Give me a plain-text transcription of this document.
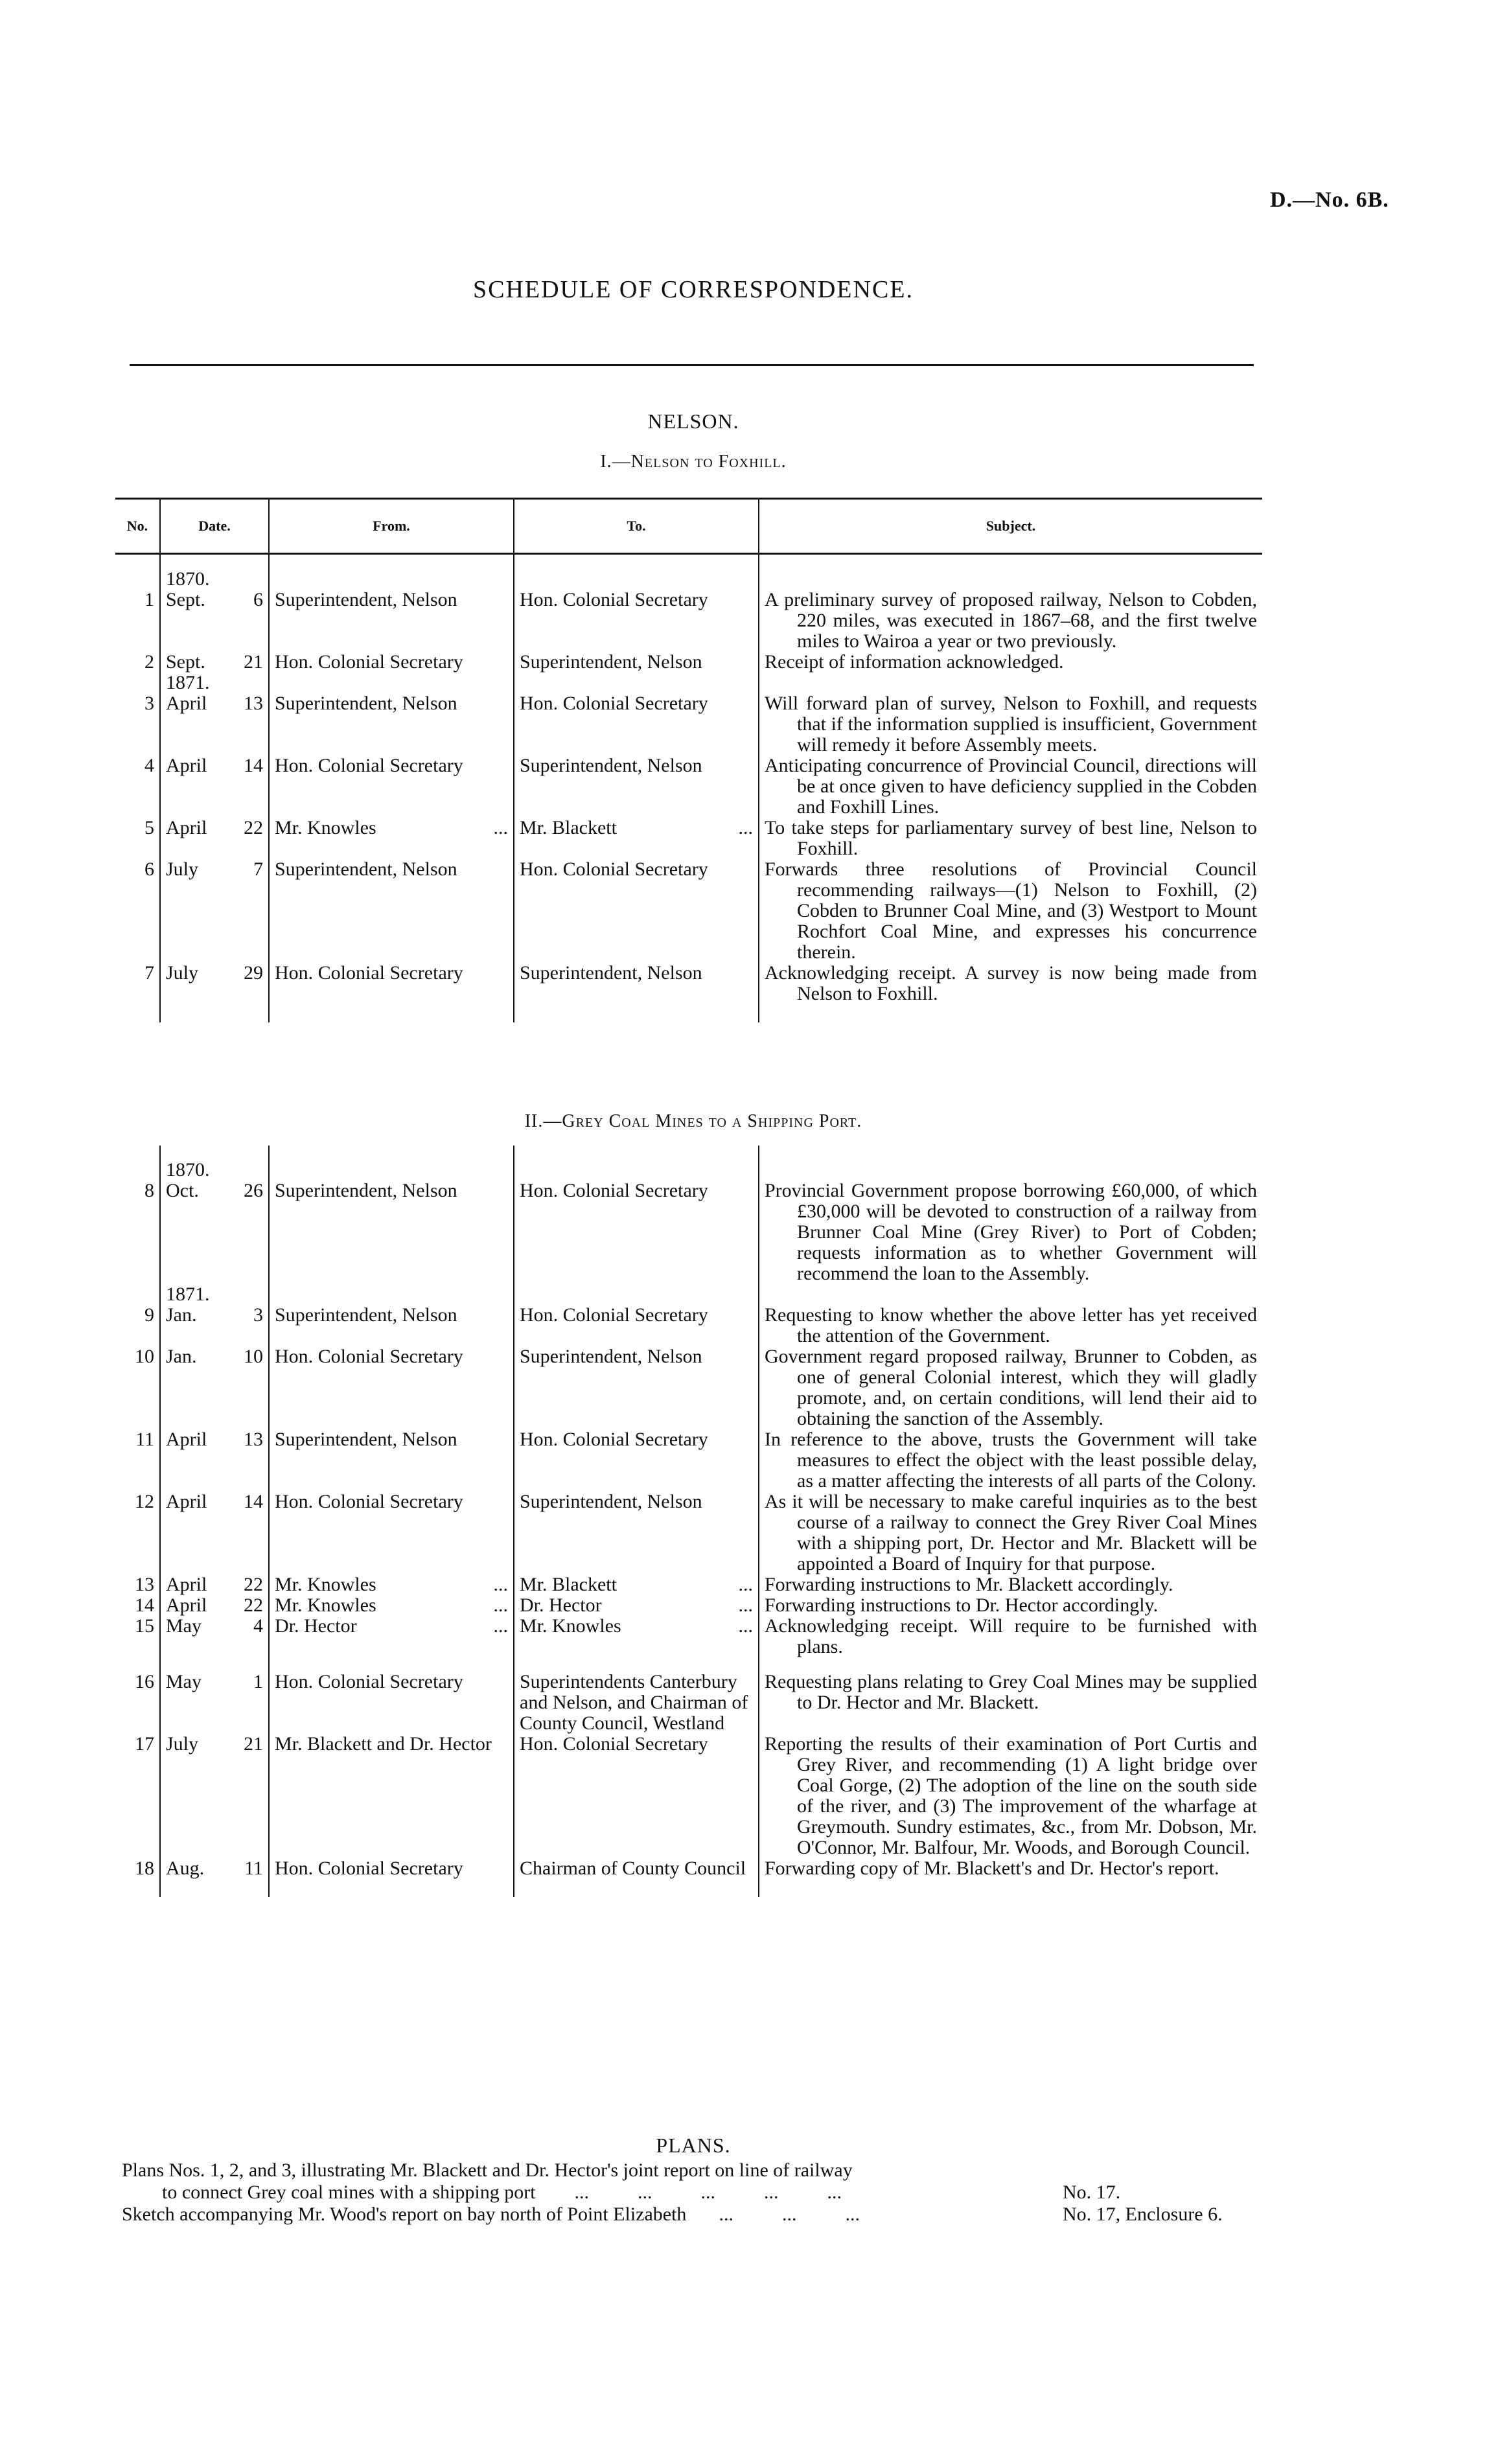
D.—No. 6B.
SCHEDULE OF CORRESPONDENCE.
NELSON.
I.—Nelson to Foxhill.
No.	Date.	From.	To.	Subject.

	1870.			
1	Sept. 6	Superintendent, Nelson	Hon. Colonial Secretary	A preliminary survey of proposed railway, Nelson to Cobden, 220 miles, was executed in 1867–68, and the first twelve miles to Wairoa a year or two previously.

2	Sept. 21	Hon. Colonial Secretary	Superintendent, Nelson	Receipt of information acknowledged.

	1871.			
3	April 13	Superintendent, Nelson	Hon. Colonial Secretary	Will forward plan of survey, Nelson to Foxhill, and requests that if the information supplied is insufficient, Government will remedy it before Assembly meets.

4	April 14	Hon. Colonial Secretary	Superintendent, Nelson	Anticipating concurrence of Provincial Council, directions will be at once given to have deficiency supplied in the Cobden and Foxhill Lines.

5	April 22	Mr. Knowles ...	Mr. Blackett ...	To take steps for parliamentary survey of best line, Nelson to Foxhill.

6	July 7	Superintendent, Nelson	Hon. Colonial Secretary	Forwards three resolutions of Provincial Council recommending railways—(1) Nelson to Foxhill, (2) Cobden to Brunner Coal Mine, and (3) Westport to Mount Rochfort Coal Mine, and expresses his concurrence therein.

7	July 29	Hon. Colonial Secretary	Superintendent, Nelson	Acknowledging receipt. A survey is now being made from Nelson to Foxhill.
II.—Grey Coal Mines to a Shipping Port.

	1870.			
8	Oct. 26	Superintendent, Nelson	Hon. Colonial Secretary	Provincial Government propose borrowing £60,000, of which £30,000 will be devoted to construction of a railway from Brunner Coal Mine (Grey River) to Port of Cobden; requests information as to whether Government will recommend the loan to the Assembly.

	1871.			
9	Jan. 3	Superintendent, Nelson	Hon. Colonial Secretary	Requesting to know whether the above letter has yet received the attention of the Government.

10	Jan. 10	Hon. Colonial Secretary	Superintendent, Nelson	Government regard proposed railway, Brunner to Cobden, as one of general Colonial interest, which they will gladly promote, and, on certain conditions, will lend their aid to obtaining the sanction of the Assembly.

11	April 13	Superintendent, Nelson	Hon. Colonial Secretary	In reference to the above, trusts the Government will take measures to effect the object with the least possible delay, as a matter affecting the interests of all parts of the Colony.

12	April 14	Hon. Colonial Secretary	Superintendent, Nelson	As it will be necessary to make careful inquiries as to the best course of a railway to connect the Grey River Coal Mines with a shipping port, Dr. Hector and Mr. Blackett will be appointed a Board of Inquiry for that purpose.

13	April 22	Mr. Knowles ...	Mr. Blackett ...	Forwarding instructions to Mr. Blackett accordingly.

14	April 22	Mr. Knowles ...	Dr. Hector ...	Forwarding instructions to Dr. Hector accordingly.

15	May 4	Dr. Hector ...	Mr. Knowles ...	Acknowledging receipt. Will require to be furnished with plans.

16	May 1	Hon. Colonial Secretary	Superintendents Canterbury and Nelson, and Chairman of County Council, Westland	Requesting plans relating to Grey Coal Mines may be supplied to Dr. Hector and Mr. Blackett.

17	July 21	Mr. Blackett and Dr. Hector	Hon. Colonial Secretary	Reporting the results of their examination of Port Curtis and Grey River, and recommending (1) A light bridge over Coal Gorge, (2) The adoption of the line on the south side of the river, and (3) The improvement of the wharfage at Greymouth. Sundry estimates, &c., from Mr. Dobson, Mr. O'Connor, Mr. Balfour, Mr. Woods, and Borough Council.

18	Aug. 11	Hon. Colonial Secretary	Chairman of County Council	Forwarding copy of Mr. Blackett's and Dr. Hector's report.
PLANS.
Plans Nos. 1, 2, and 3, illustrating Mr. Blackett and Dr. Hector's joint report on line of railway
to connect Grey coal mines with a shipping port ...          ...          ...          ...          ...	No. 17.
Sketch accompanying Mr. Wood's report on bay north of Point Elizabeth ...          ...          ...	No. 17, Enclosure 6.
